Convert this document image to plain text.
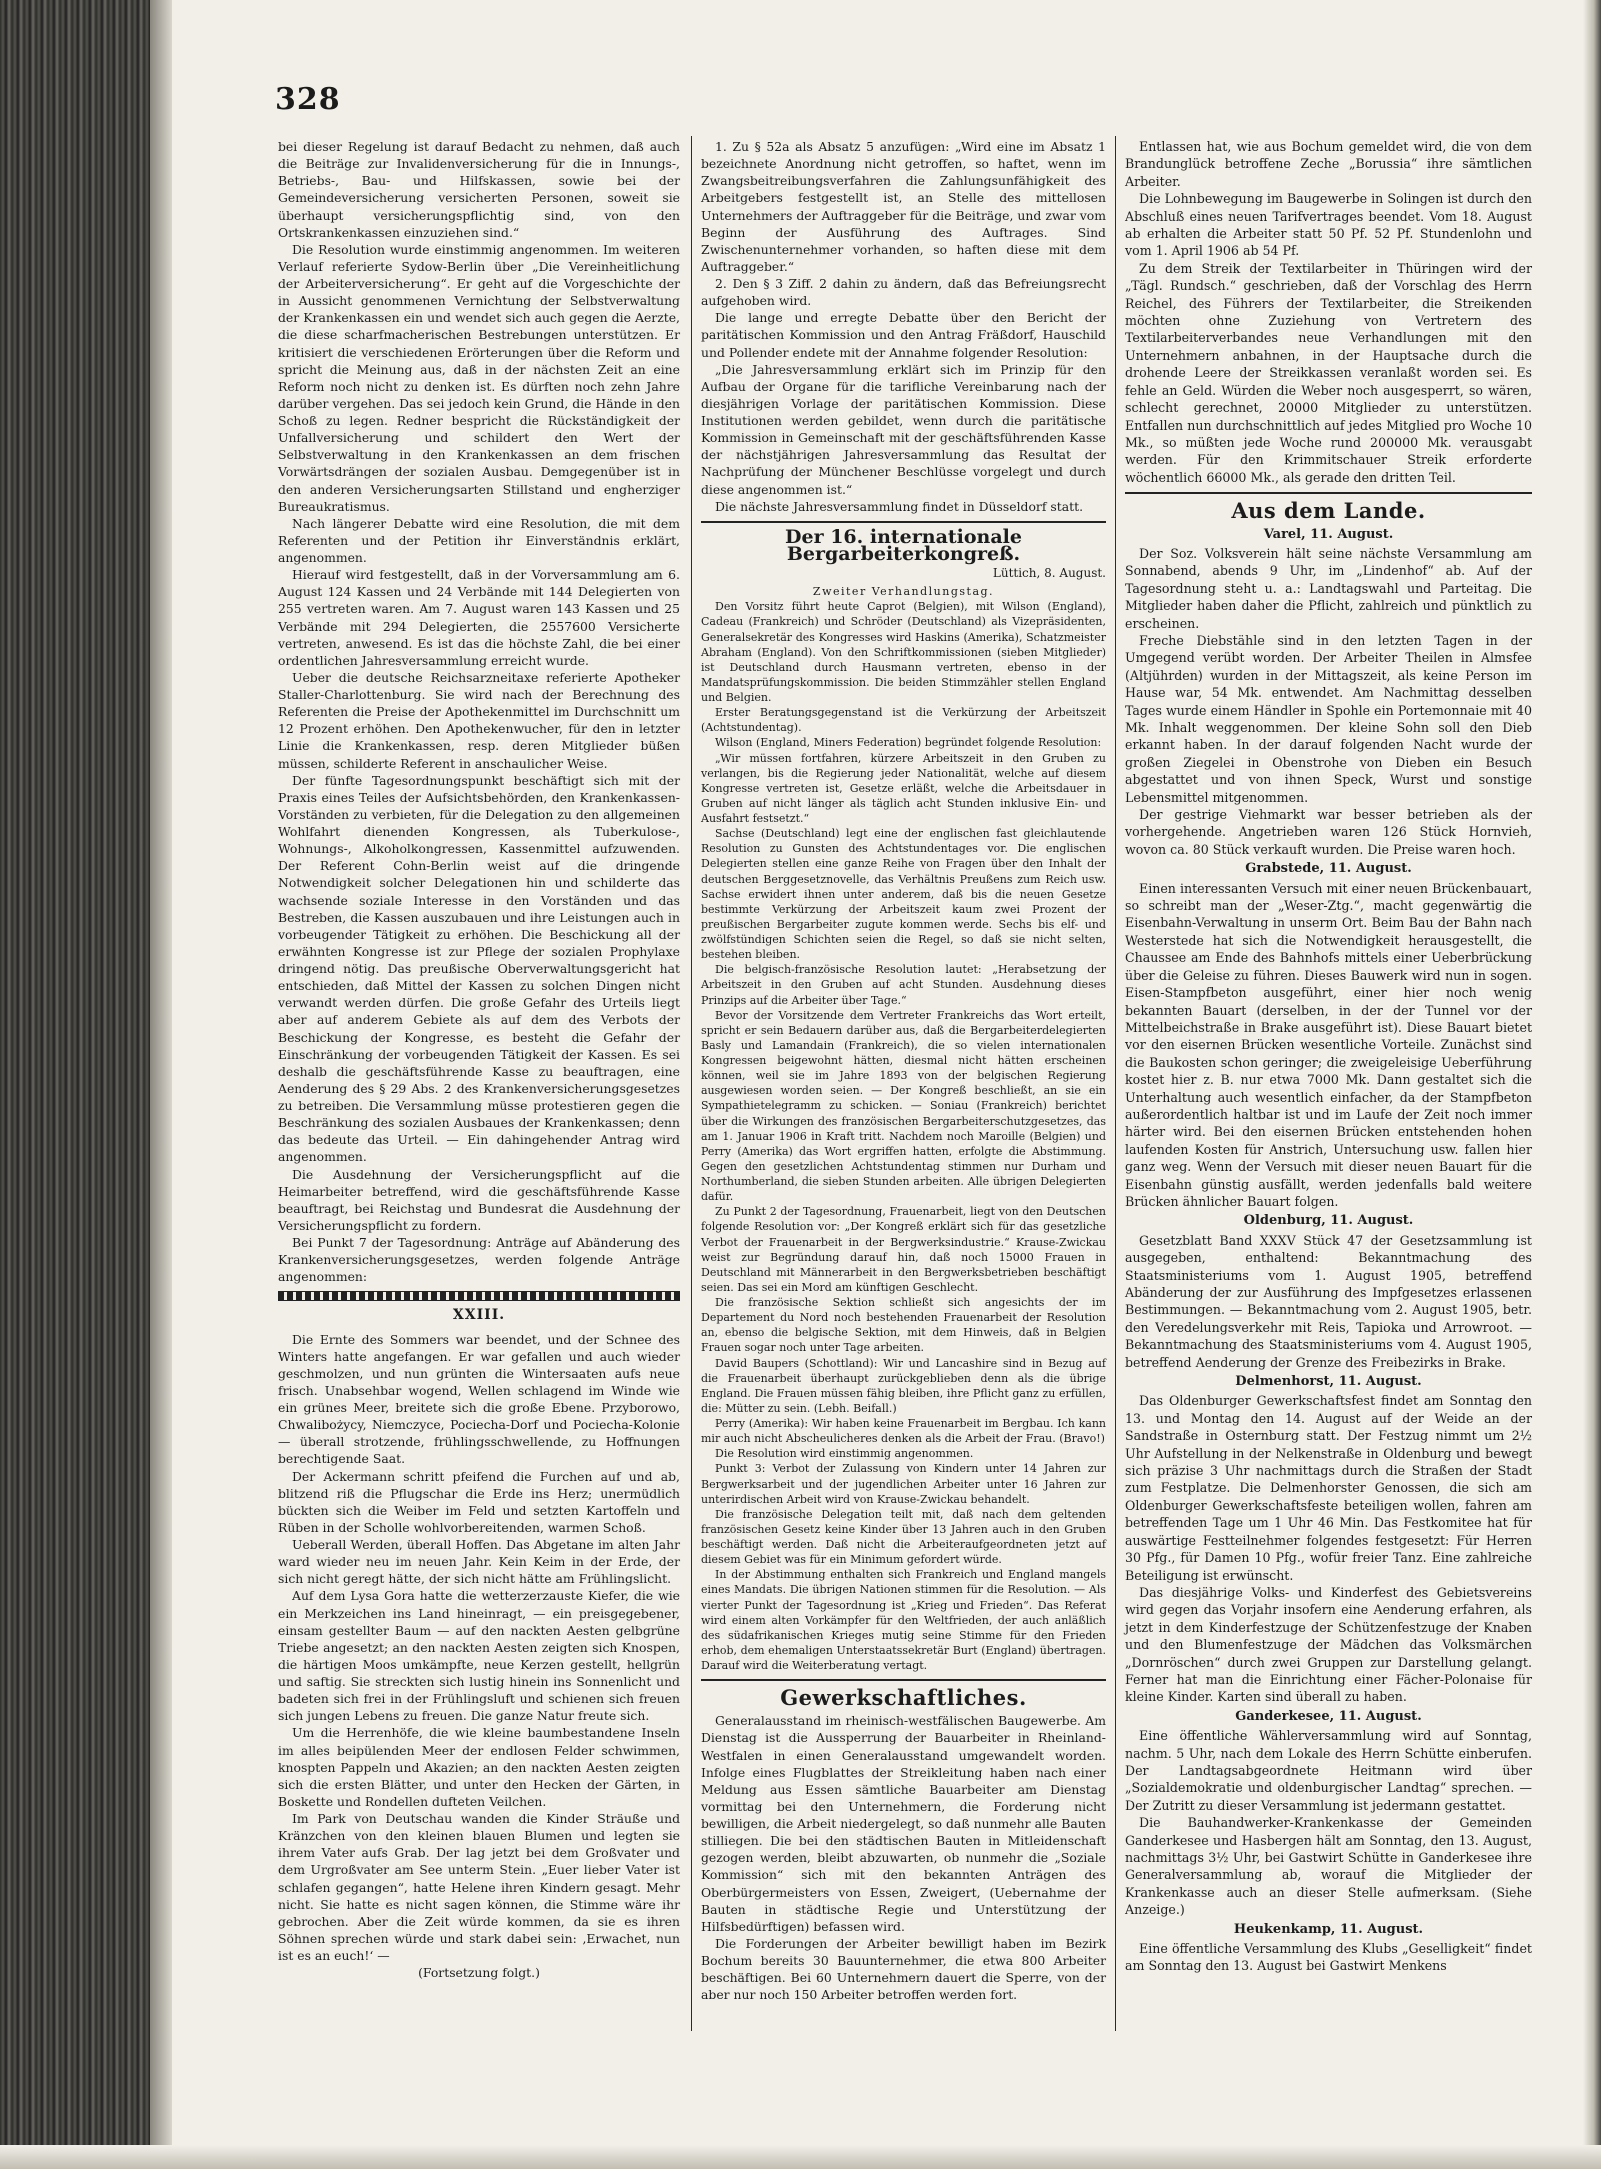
328

bei dieser Regelung ist darauf Bedacht zu nehmen, daß auch die Beiträge zur Invalidenversicherung für die in Innungs-, Betriebs-, Bau- und Hilfskassen, sowie bei der Gemeindeversicherung versicherten Personen, soweit sie überhaupt versicherungspflichtig sind, von den Ortskrankenkassen einzuziehen sind.“

Die Resolution wurde einstimmig angenommen. Im weiteren Verlauf referierte Sydow-Berlin über „Die Vereinheitlichung der Arbeiterversicherung“. Er geht auf die Vorgeschichte der in Aussicht genommenen Vernichtung der Selbstverwaltung der Krankenkassen ein und wendet sich auch gegen die Aerzte, die diese scharfmacherischen Bestrebungen unterstützen. Er kritisiert die verschiedenen Erörterungen über die Reform und spricht die Meinung aus, daß in der nächsten Zeit an eine Reform noch nicht zu denken ist. Es dürften noch zehn Jahre darüber vergehen. Das sei jedoch kein Grund, die Hände in den Schoß zu legen. Redner bespricht die Rückständigkeit der Unfallversicherung und schildert den Wert der Selbstverwaltung in den Krankenkassen an dem frischen Vorwärtsdrängen der sozialen Ausbau. Demgegenüber ist in den anderen Versicherungsarten Stillstand und engherziger Bureaukratismus.

Nach längerer Debatte wird eine Resolution, die mit dem Referenten und der Petition ihr Einverständnis erklärt, angenommen.

Hierauf wird festgestellt, daß in der Vorversammlung am 6. August 124 Kassen und 24 Verbände mit 144 Delegierten von 255 vertreten waren. Am 7. August waren 143 Kassen und 25 Verbände mit 294 Delegierten, die 2557600 Versicherte vertreten, anwesend. Es ist das die höchste Zahl, die bei einer ordentlichen Jahresversammlung erreicht wurde.

Ueber die deutsche Reichsarzneitaxe referierte Apotheker Staller-Charlottenburg. Sie wird nach der Berechnung des Referenten die Preise der Apothekenmittel im Durchschnitt um 12 Prozent erhöhen. Den Apothekenwucher, für den in letzter Linie die Krankenkassen, resp. deren Mitglieder büßen müssen, schilderte Referent in anschaulicher Weise.

Der fünfte Tagesordnungspunkt beschäftigt sich mit der Praxis eines Teiles der Aufsichtsbehörden, den Krankenkassen-Vorständen zu verbieten, für die Delegation zu den allgemeinen Wohlfahrt dienenden Kongressen, als Tuberkulose-, Wohnungs-, Alkoholkongressen, Kassenmittel aufzuwenden. Der Referent Cohn-Berlin weist auf die dringende Notwendigkeit solcher Delegationen hin und schilderte das wachsende soziale Interesse in den Vorständen und das Bestreben, die Kassen auszubauen und ihre Leistungen auch in vorbeugender Tätigkeit zu erhöhen. Die Beschickung all der erwähnten Kongresse ist zur Pflege der sozialen Prophylaxe dringend nötig. Das preußische Oberverwaltungsgericht hat entschieden, daß Mittel der Kassen zu solchen Dingen nicht verwandt werden dürfen. Die große Gefahr des Urteils liegt aber auf anderem Gebiete als auf dem des Verbots der Beschickung der Kongresse, es besteht die Gefahr der Einschränkung der vorbeugenden Tätigkeit der Kassen. Es sei deshalb die geschäftsführende Kasse zu beauftragen, eine Aenderung des § 29 Abs. 2 des Krankenversicherungsgesetzes zu betreiben. Die Versammlung müsse protestieren gegen die Beschränkung des sozialen Ausbaues der Krankenkassen; denn das bedeute das Urteil. — Ein dahingehender Antrag wird angenommen.

Die Ausdehnung der Versicherungspflicht auf die Heimarbeiter betreffend, wird die geschäftsführende Kasse beauftragt, bei Reichstag und Bundesrat die Ausdehnung der Versicherungspflicht zu fordern.

Bei Punkt 7 der Tagesordnung: Anträge auf Abänderung des Krankenversicherungsgesetzes, werden folgende Anträge angenommen:

XXIII.

Die Ernte des Sommers war beendet, und der Schnee des Winters hatte angefangen. Er war gefallen und auch wieder geschmolzen, und nun grünten die Wintersaaten aufs neue frisch. Unabsehbar wogend, Wellen schlagend im Winde wie ein grünes Meer, breitete sich die große Ebene. Przyborowo, Chwalibożycy, Niemczyce, Pociecha-Dorf und Pociecha-Kolonie — überall strotzende, frühlingsschwellende, zu Hoffnungen berechtigende Saat.

Der Ackermann schritt pfeifend die Furchen auf und ab, blitzend riß die Pflugschar die Erde ins Herz; unermüdlich bückten sich die Weiber im Feld und setzten Kartoffeln und Rüben in der Scholle wohlvorbereitenden, warmen Schoß.

Ueberall Werden, überall Hoffen. Das Abgetane im alten Jahr ward wieder neu im neuen Jahr. Kein Keim in der Erde, der sich nicht geregt hätte, der sich nicht hätte am Frühlingslicht.

Auf dem Lysa Gora hatte die wetterzerzauste Kiefer, die wie ein Merkzeichen ins Land hineinragt, — ein preisgegebener, einsam gestellter Baum — auf den nackten Aesten gelbgrüne Triebe angesetzt; an den nackten Aesten zeigten sich Knospen, die härtigen Moos umkämpfte, neue Kerzen gestellt, hellgrün und saftig. Sie streckten sich lustig hinein ins Sonnenlicht und badeten sich frei in der Frühlingsluft und schienen sich freuen sich jungen Lebens zu freuen. Die ganze Natur freute sich.

Um die Herrenhöfe, die wie kleine baumbestandene Inseln im alles beipülenden Meer der endlosen Felder schwimmen, knospten Pappeln und Akazien; an den nackten Aesten zeigten sich die ersten Blätter, und unter den Hecken der Gärten, in Boskette und Rondellen dufteten Veilchen.

Im Park von Deutschau wanden die Kinder Sträuße und Kränzchen von den kleinen blauen Blumen und legten sie ihrem Vater aufs Grab. Der lag jetzt bei dem Großvater und dem Urgroßvater am See unterm Stein. „Euer lieber Vater ist schlafen gegangen“, hatte Helene ihren Kindern gesagt. Mehr nicht. Sie hatte es nicht sagen können, die Stimme wäre ihr gebrochen. Aber die Zeit würde kommen, da sie es ihren Söhnen sprechen würde und stark dabei sein: ‚Erwachet, nun ist es an euch!‘ —

(Fortsetzung folgt.)

1. Zu § 52a als Absatz 5 anzufügen: „Wird eine im Absatz 1 bezeichnete Anordnung nicht getroffen, so haftet, wenn im Zwangsbeitreibungsverfahren die Zahlungsunfähigkeit des Arbeitgebers festgestellt ist, an Stelle des mittellosen Unternehmers der Auftraggeber für die Beiträge, und zwar vom Beginn der Ausführung des Auftrages. Sind Zwischenunternehmer vorhanden, so haften diese mit dem Auftraggeber.“

2. Den § 3 Ziff. 2 dahin zu ändern, daß das Befreiungsrecht aufgehoben wird.

Die lange und erregte Debatte über den Bericht der paritätischen Kommission und den Antrag Fräßdorf, Hauschild und Pollender endete mit der Annahme folgender Resolution:

„Die Jahresversammlung erklärt sich im Prinzip für den Aufbau der Organe für die tarifliche Vereinbarung nach der diesjährigen Vorlage der paritätischen Kommission. Diese Institutionen werden gebildet, wenn durch die paritätische Kommission in Gemeinschaft mit der geschäftsführenden Kasse der nächstjährigen Jahresversammlung das Resultat der Nachprüfung der Münchener Beschlüsse vorgelegt und durch diese angenommen ist.“

Die nächste Jahresversammlung findet in Düsseldorf statt.

Der 16. internationale Bergarbeiterkongreß.
Lüttich, 8. August.
Zweiter Verhandlungstag.

Den Vorsitz führt heute Caprot (Belgien), mit Wilson (England), Cadeau (Frankreich) und Schröder (Deutschland) als Vizepräsidenten, Generalsekretär des Kongresses wird Haskins (Amerika), Schatzmeister Abraham (England). Von den Schriftkommissionen (sieben Mitglieder) ist Deutschland durch Hausmann vertreten, ebenso in der Mandatsprüfungskommission. Die beiden Stimmzähler stellen England und Belgien.

Erster Beratungsgegenstand ist die Verkürzung der Arbeitszeit (Achtstundentag).

Wilson (England, Miners Federation) begründet folgende Resolution:

„Wir müssen fortfahren, kürzere Arbeitszeit in den Gruben zu verlangen, bis die Regierung jeder Nationalität, welche auf diesem Kongresse vertreten ist, Gesetze erläßt, welche die Arbeitsdauer in Gruben auf nicht länger als täglich acht Stunden inklusive Ein- und Ausfahrt festsetzt.“

Sachse (Deutschland) legt eine der englischen fast gleichlautende Resolution zu Gunsten des Achtstundentages vor. Die englischen Delegierten stellen eine ganze Reihe von Fragen über den Inhalt der deutschen Berggesetznovelle, das Verhältnis Preußens zum Reich usw. Sachse erwidert ihnen unter anderem, daß bis die neuen Gesetze bestimmte Verkürzung der Arbeitszeit kaum zwei Prozent der preußischen Bergarbeiter zugute kommen werde. Sechs bis elf- und zwölfstündigen Schichten seien die Regel, so daß sie nicht selten, bestehen bleiben.

Die belgisch-französische Resolution lautet: „Herabsetzung der Arbeitszeit in den Gruben auf acht Stunden. Ausdehnung dieses Prinzips auf die Arbeiter über Tage.“

Bevor der Vorsitzende dem Vertreter Frankreichs das Wort erteilt, spricht er sein Bedauern darüber aus, daß die Bergarbeiterdelegierten Basly und Lamandain (Frankreich), die so vielen internationalen Kongressen beigewohnt hätten, diesmal nicht hätten erscheinen können, weil sie im Jahre 1893 von der belgischen Regierung ausgewiesen worden seien. — Der Kongreß beschließt, an sie ein Sympathietelegramm zu schicken. — Soniau (Frankreich) berichtet über die Wirkungen des französischen Bergarbeiterschutzgesetzes, das am 1. Januar 1906 in Kraft tritt. Nachdem noch Maroille (Belgien) und Perry (Amerika) das Wort ergriffen hatten, erfolgte die Abstimmung. Gegen den gesetzlichen Achtstundentag stimmen nur Durham und Northumberland, die sieben Stunden arbeiten. Alle übrigen Delegierten dafür.

Zu Punkt 2 der Tagesordnung, Frauenarbeit, liegt von den Deutschen folgende Resolution vor: „Der Kongreß erklärt sich für das gesetzliche Verbot der Frauenarbeit in der Bergwerksindustrie.“ Krause-Zwickau weist zur Begründung darauf hin, daß noch 15000 Frauen in Deutschland mit Männerarbeit in den Bergwerksbetrieben beschäftigt seien. Das sei ein Mord am künftigen Geschlecht.

Die französische Sektion schließt sich angesichts der im Departement du Nord noch bestehenden Frauenarbeit der Resolution an, ebenso die belgische Sektion, mit dem Hinweis, daß in Belgien Frauen sogar noch unter Tage arbeiten.

David Baupers (Schottland): Wir und Lancashire sind in Bezug auf die Frauenarbeit überhaupt zurückgeblieben denn als die übrige England. Die Frauen müssen fähig bleiben, ihre Pflicht ganz zu erfüllen, die: Mütter zu sein. (Lebh. Beifall.)

Perry (Amerika): Wir haben keine Frauenarbeit im Bergbau. Ich kann mir auch nicht Abscheulicheres denken als die Arbeit der Frau. (Bravo!)

Die Resolution wird einstimmig angenommen.

Punkt 3: Verbot der Zulassung von Kindern unter 14 Jahren zur Bergwerksarbeit und der jugendlichen Arbeiter unter 16 Jahren zur unterirdischen Arbeit wird von Krause-Zwickau behandelt.

Die französische Delegation teilt mit, daß nach dem geltenden französischen Gesetz keine Kinder über 13 Jahren auch in den Gruben beschäftigt werden. Daß nicht die Arbeiteraufgeordneten jetzt auf diesem Gebiet was für ein Minimum gefordert würde.

In der Abstimmung enthalten sich Frankreich und England mangels eines Mandats. Die übrigen Nationen stimmen für die Resolution. — Als vierter Punkt der Tagesordnung ist „Krieg und Frieden“. Das Referat wird einem alten Vorkämpfer für den Weltfrieden, der auch anläßlich des südafrikanischen Krieges mutig seine Stimme für den Frieden erhob, dem ehemaligen Unterstaatssekretär Burt (England) übertragen. Darauf wird die Weiterberatung vertagt.

Gewerkschaftliches.

Generalausstand im rheinisch-westfälischen Baugewerbe. Am Dienstag ist die Aussperrung der Bauarbeiter in Rheinland-Westfalen in einen Generalausstand umgewandelt worden. Infolge eines Flugblattes der Streikleitung haben nach einer Meldung aus Essen sämtliche Bauarbeiter am Dienstag vormittag bei den Unternehmern, die Forderung nicht bewilligen, die Arbeit niedergelegt, so daß nunmehr alle Bauten stilliegen. Die bei den städtischen Bauten in Mitleidenschaft gezogen werden, bleibt abzuwarten, ob nunmehr die „Soziale Kommission“ sich mit den bekannten Anträgen des Oberbürgermeisters von Essen, Zweigert, (Uebernahme der Bauten in städtische Regie und Unterstützung der Hilfsbedürftigen) befassen wird.

Die Forderungen der Arbeiter bewilligt haben im Bezirk Bochum bereits 30 Bauunternehmer, die etwa 800 Arbeiter beschäftigen. Bei 60 Unternehmern dauert die Sperre, von der aber nur noch 150 Arbeiter betroffen werden fort.

Entlassen hat, wie aus Bochum gemeldet wird, die von dem Brandunglück betroffene Zeche „Borussia“ ihre sämtlichen Arbeiter.

Die Lohnbewegung im Baugewerbe in Solingen ist durch den Abschluß eines neuen Tarifvertrages beendet. Vom 18. August ab erhalten die Arbeiter statt 50 Pf. 52 Pf. Stundenlohn und vom 1. April 1906 ab 54 Pf.

Zu dem Streik der Textilarbeiter in Thüringen wird der „Tägl. Rundsch.“ geschrieben, daß der Vorschlag des Herrn Reichel, des Führers der Textilarbeiter, die Streikenden möchten ohne Zuziehung von Vertretern des Textilarbeiterverbandes neue Verhandlungen mit den Unternehmern anbahnen, in der Hauptsache durch die drohende Leere der Streikkassen veranlaßt worden sei. Es fehle an Geld. Würden die Weber noch ausgesperrt, so wären, schlecht gerechnet, 20000 Mitglieder zu unterstützen. Entfallen nun durchschnittlich auf jedes Mitglied pro Woche 10 Mk., so müßten jede Woche rund 200000 Mk. verausgabt werden. Für den Krimmitschauer Streik erforderte wöchentlich 66000 Mk., als gerade den dritten Teil.

Aus dem Lande.
Varel, 11. August.

Der Soz. Volksverein hält seine nächste Versammlung am Sonnabend, abends 9 Uhr, im „Lindenhof“ ab. Auf der Tagesordnung steht u. a.: Landtagswahl und Parteitag. Die Mitglieder haben daher die Pflicht, zahlreich und pünktlich zu erscheinen.

Freche Diebstähle sind in den letzten Tagen in der Umgegend verübt worden. Der Arbeiter Theilen in Almsfee (Altjührden) wurden in der Mittagszeit, als keine Person im Hause war, 54 Mk. entwendet. Am Nachmittag desselben Tages wurde einem Händler in Spohle ein Portemonnaie mit 40 Mk. Inhalt weggenommen. Der kleine Sohn soll den Dieb erkannt haben. In der darauf folgenden Nacht wurde der großen Ziegelei in Obenstrohe von Dieben ein Besuch abgestattet und von ihnen Speck, Wurst und sonstige Lebensmittel mitgenommen.

Der gestrige Viehmarkt war besser betrieben als der vorhergehende. Angetrieben waren 126 Stück Hornvieh, wovon ca. 80 Stück verkauft wurden. Die Preise waren hoch.

Grabstede, 11. August.

Einen interessanten Versuch mit einer neuen Brückenbauart, so schreibt man der „Weser-Ztg.“, macht gegenwärtig die Eisenbahn-Verwaltung in unserm Ort. Beim Bau der Bahn nach Westerstede hat sich die Notwendigkeit herausgestellt, die Chaussee am Ende des Bahnhofs mittels einer Ueberbrückung über die Geleise zu führen. Dieses Bauwerk wird nun in sogen. Eisen-Stampfbeton ausgeführt, einer hier noch wenig bekannten Bauart (derselben, in der der Tunnel vor der Mittelbeichstraße in Brake ausgeführt ist). Diese Bauart bietet vor den eisernen Brücken wesentliche Vorteile. Zunächst sind die Baukosten schon geringer; die zweigeleisige Ueberführung kostet hier z. B. nur etwa 7000 Mk. Dann gestaltet sich die Unterhaltung auch wesentlich einfacher, da der Stampfbeton außerordentlich haltbar ist und im Laufe der Zeit noch immer härter wird. Bei den eisernen Brücken entstehenden hohen laufenden Kosten für Anstrich, Untersuchung usw. fallen hier ganz weg. Wenn der Versuch mit dieser neuen Bauart für die Eisenbahn günstig ausfällt, werden jedenfalls bald weitere Brücken ähnlicher Bauart folgen.

Oldenburg, 11. August.

Gesetzblatt Band XXXV Stück 47 der Gesetzsammlung ist ausgegeben, enthaltend: Bekanntmachung des Staatsministeriums vom 1. August 1905, betreffend Abänderung der zur Ausführung des Impfgesetzes erlassenen Bestimmungen. — Bekanntmachung vom 2. August 1905, betr. den Veredelungsverkehr mit Reis, Tapioka und Arrowroot. — Bekanntmachung des Staatsministeriums vom 4. August 1905, betreffend Aenderung der Grenze des Freibezirks in Brake.

Delmenhorst, 11. August.

Das Oldenburger Gewerkschaftsfest findet am Sonntag den 13. und Montag den 14. August auf der Weide an der Sandstraße in Osternburg statt. Der Festzug nimmt um 2½ Uhr Aufstellung in der Nelkenstraße in Oldenburg und bewegt sich präzise 3 Uhr nachmittags durch die Straßen der Stadt zum Festplatze. Die Delmenhorster Genossen, die sich am Oldenburger Gewerkschaftsfeste beteiligen wollen, fahren am betreffenden Tage um 1 Uhr 46 Min. Das Festkomitee hat für auswärtige Festteilnehmer folgendes festgesetzt: Für Herren 30 Pfg., für Damen 10 Pfg., wofür freier Tanz. Eine zahlreiche Beteiligung ist erwünscht.

Das diesjährige Volks- und Kinderfest des Gebietsvereins wird gegen das Vorjahr insofern eine Aenderung erfahren, als jetzt in dem Kinderfestzuge der Schützenfestzuge der Knaben und den Blumenfestzuge der Mädchen das Volksmärchen „Dornröschen“ durch zwei Gruppen zur Darstellung gelangt. Ferner hat man die Einrichtung einer Fächer-Polonaise für kleine Kinder. Karten sind überall zu haben.

Ganderkesee, 11. August.

Eine öffentliche Wählerversammlung wird auf Sonntag, nachm. 5 Uhr, nach dem Lokale des Herrn Schütte einberufen. Der Landtagsabgeordnete Heitmann wird über „Sozialdemokratie und oldenburgischer Landtag“ sprechen. — Der Zutritt zu dieser Versammlung ist jedermann gestattet.

Die Bauhandwerker-Krankenkasse der Gemeinden Ganderkesee und Hasbergen hält am Sonntag, den 13. August, nachmittags 3½ Uhr, bei Gastwirt Schütte in Ganderkesee ihre Generalversammlung ab, worauf die Mitglieder der Krankenkasse auch an dieser Stelle aufmerksam. (Siehe Anzeige.)

Heukenkamp, 11. August.

Eine öffentliche Versammlung des Klubs „Geselligkeit“ findet am Sonntag den 13. August bei Gastwirt Menkens
